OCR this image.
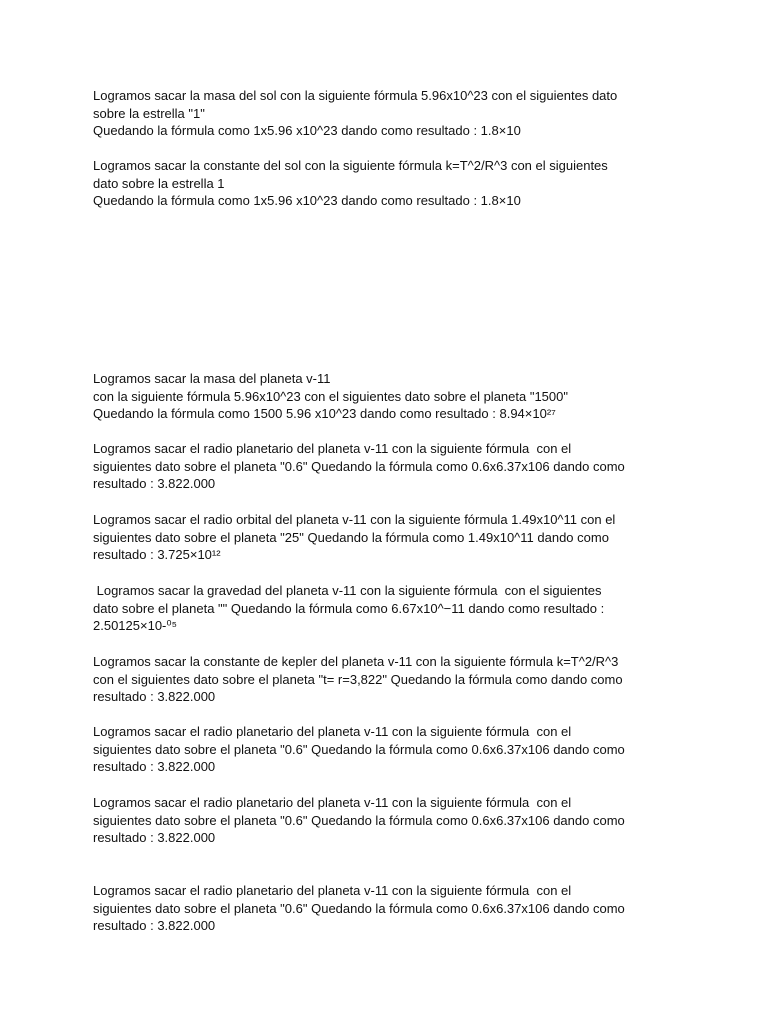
Logramos sacar la masa del sol con la siguiente fórmula 5.96x10^23 con el siguientes dato
sobre la estrella "1"
Quedando la fórmula como 1x5.96 x10^23 dando como resultado : 1.8×10

Logramos sacar la constante del sol con la siguiente fórmula k=T^2/R^3 con el siguientes
dato sobre la estrella 1
Quedando la fórmula como 1x5.96 x10^23 dando como resultado : 1.8×10

Logramos sacar la masa del planeta v-11
con la siguiente fórmula 5.96x10^23 con el siguientes dato sobre el planeta "1500"
Quedando la fórmula como 1500 5.96 x10^23 dando como resultado : 8.94×10²⁷

Logramos sacar el radio planetario del planeta v-11 con la siguiente fórmula  con el
siguientes dato sobre el planeta "0.6" Quedando la fórmula como 0.6x6.37x106 dando como
resultado : 3.822.000

Logramos sacar el radio orbital del planeta v-11 con la siguiente fórmula 1.49x10^11 con el
siguientes dato sobre el planeta "25" Quedando la fórmula como 1.49x10^11 dando como
resultado : 3.725×10¹²

Logramos sacar la gravedad del planeta v-11 con la siguiente fórmula  con el siguientes
dato sobre el planeta "" Quedando la fórmula como 6.67x10^−11 dando como resultado :
2.50125×10-⁰⁵

Logramos sacar la constante de kepler del planeta v-11 con la siguiente fórmula k=T^2/R^3
con el siguientes dato sobre el planeta "t= r=3,822" Quedando la fórmula como dando como
resultado : 3.822.000

Logramos sacar el radio planetario del planeta v-11 con la siguiente fórmula  con el
siguientes dato sobre el planeta "0.6" Quedando la fórmula como 0.6x6.37x106 dando como
resultado : 3.822.000

Logramos sacar el radio planetario del planeta v-11 con la siguiente fórmula  con el
siguientes dato sobre el planeta "0.6" Quedando la fórmula como 0.6x6.37x106 dando como
resultado : 3.822.000

Logramos sacar el radio planetario del planeta v-11 con la siguiente fórmula  con el
siguientes dato sobre el planeta "0.6" Quedando la fórmula como 0.6x6.37x106 dando como
resultado : 3.822.000
